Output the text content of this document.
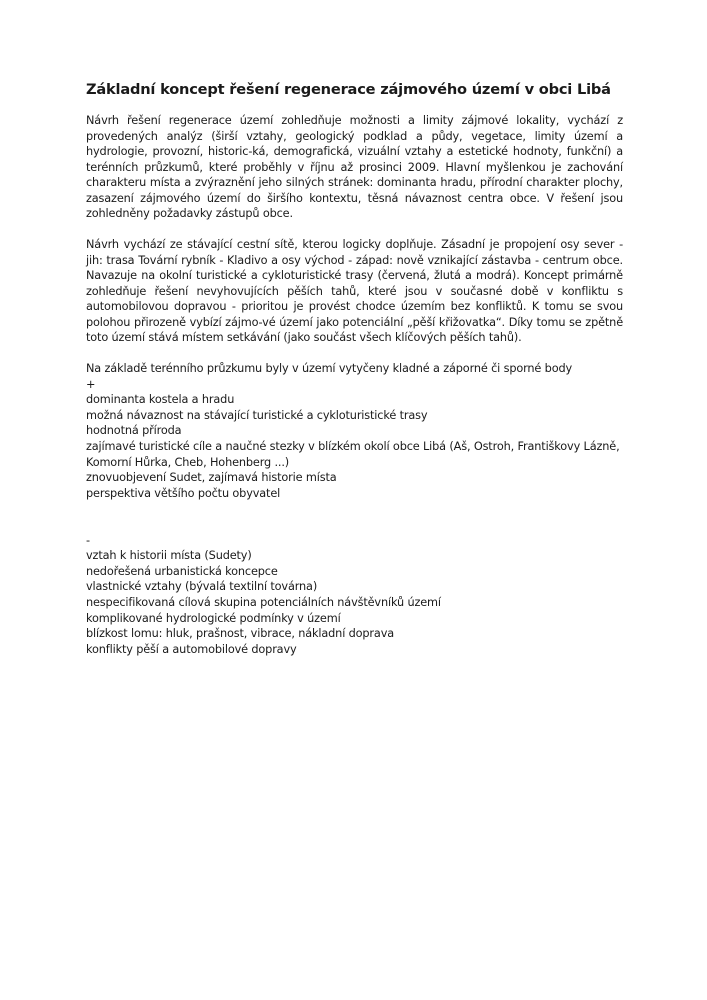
Základní koncept řešení regenerace zájmového území v obci Libá

Návrh řešení regenerace území zohledňuje možnosti a limity zájmové lokality, vychází z provedených analýz (širší vztahy, geologický podklad a půdy, vegetace, limity území a hydrologie, provozní, historic-ká, demografická, vizuální vztahy a estetické hodnoty, funkční) a terénních průzkumů, které proběhly v říjnu až prosinci 2009. Hlavní myšlenkou je zachování charakteru místa a zvýraznění jeho silných stránek: dominanta hradu, přírodní charakter plochy, zasazení zájmového území do širšího kontextu, těsná návaznost centra obce. V řešení jsou zohledněny požadavky zástupů obce.

Návrh vychází ze stávající cestní sítě, kterou logicky doplňuje. Zásadní je propojení osy sever - jih: trasa Tovární rybník - Kladivo a osy východ - západ: nově vznikající zástavba - centrum obce. Navazuje na okolní turistické a cykloturistické trasy (červená, žlutá a modrá). Koncept primárně zohledňuje řešení nevyhovujících pěších tahů, které jsou v současné době v konfliktu s automobilovou dopravou - prioritou je provést chodce územím bez konfliktů. K tomu se svou polohou přirozeně vybízí zájmo-vé území jako potenciální „pěší křižovatka“. Díky tomu se zpětně toto území stává místem setkávání (jako součást všech klíčových pěších tahů).

Na základě terénního průzkumu byly v území vytyčeny kladné a záporné či sporné body

+

dominanta kostela a hradu

možná návaznost na stávající turistické a cykloturistické trasy

hodnotná příroda

zajímavé turistické cíle a naučné stezky v blízkém okolí obce Libá (Aš, Ostroh, Františkovy Lázně,

Komorní Hůrka, Cheb, Hohenberg ...)

znovuobjevení Sudet, zajímavá historie místa

perspektiva většího počtu obyvatel

-

vztah k historii místa (Sudety)

nedořešená urbanistická koncepce

vlastnické vztahy (bývalá textilní továrna)

nespecifikovaná cílová skupina potenciálních návštěvníků území

komplikované hydrologické podmínky v území

blízkost lomu: hluk, prašnost, vibrace, nákladní doprava

konflikty pěší a automobilové dopravy
